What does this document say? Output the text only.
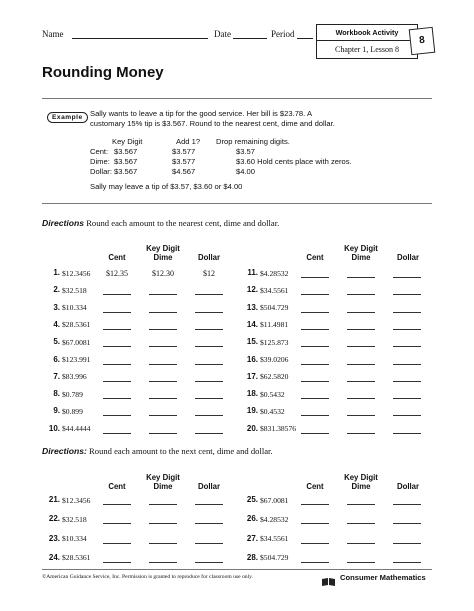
Name	Date	Period	Workbook Activity
Chapter 1, Lesson 8
8
Rounding Money
Example Sally wants to leave a tip for the good service. Her bill is $23.78. A
customary 15% tip is $3.567. Round to the nearest cent, dime and dollar.
Key Digit	Add 1? Drop remaining digits.
Cent: $3.567	$3.577	$3.57
Dime: $3.567	$3.577	$3.60 Hold cents place with zeros.
Dollar: $3.567	$4.567	$4.00
Sally may leave a tip of $3.57, $3.60 or $4.00
Directions Round each amount to the nearest cent, dime and dollar.
Key Digit
Cent	Dime	Dollar
Key Digit
Cent	Dime	Dollar
1. $12.3456	$12.35	$12.30	$12
2. $32.518
3. $10.334
4. $28.5361
5. $67.0081
6. $123.991
7. $83.996
8. $0.789
9. $0.899
10. $44.4444
11. $4.28532
12. $34.5561
13. $504.729
14. $11.4981
15. $125.873
16. $39.0206
17. $62.5820
18. $0.5432
19. $0.4532
20. $831.38576
Directions: Round each amount to the next cent, dime and dollar.
Key Digit
Cent	Dime	Dollar
Key Digit
Cent	Dime	Dollar
21. $12.3456
22. $32.518
23. $10.334
24. $28.5361
25. $67.0081
26. $4.28532
27. $34.5561
28. $504.729
©American Guidance Service, Inc. Permission is granted to reproduce for classroom use only.	Consumer Mathematics
